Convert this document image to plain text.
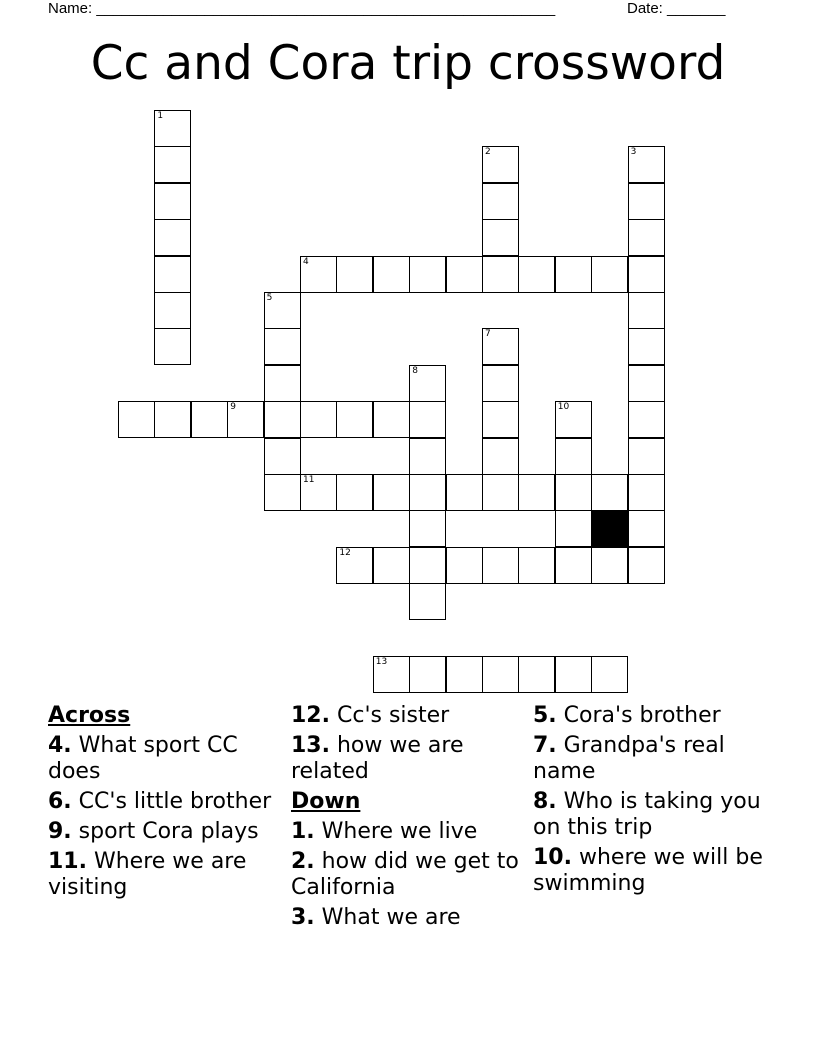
Name: _______________________________________________________	Date: _______
Cc and Cora trip crossword
1
4
5
2	3
7
8
9	10
11
12
13
Across
4. What sport CC does
6. CC's little brother
9. sport Cora plays
11. Where we are visiting
12. Cc's sister
13. how we are related
Down
1. Where we live
2. how did we get to California
3. What we are
5. Cora's brother
7. Grandpa's real name
8. Who is taking you on this trip
10. where we will be swimming
